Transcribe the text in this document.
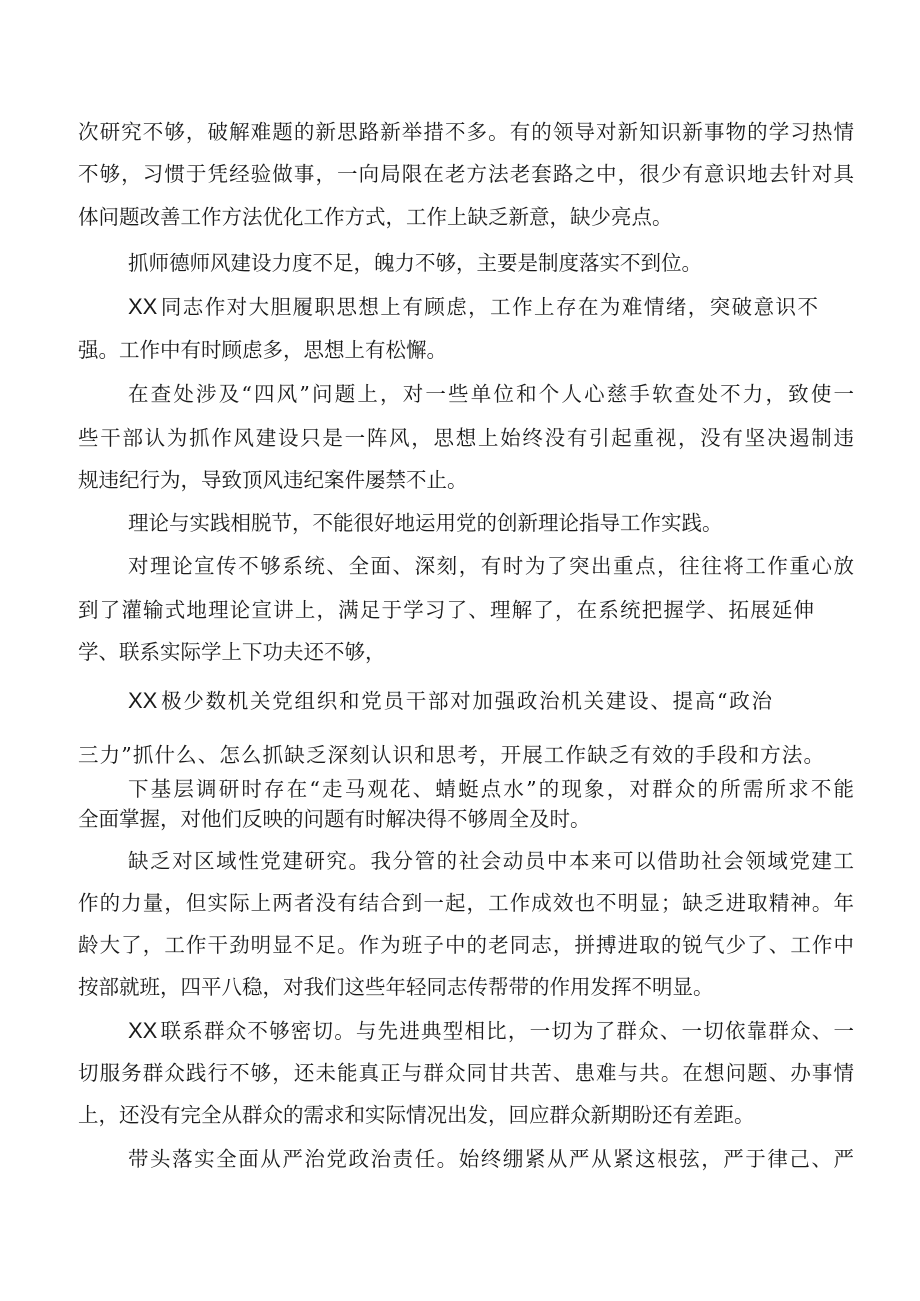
次研究不够，破解难题的新思路新举措不多。有的领导对新知识新事物的学习热情
不够，习惯于凭经验做事，一向局限在老方法老套路之中，很少有意识地去针对具
体问题改善工作方法优化工作方式，工作上缺乏新意，缺少亮点。
抓师德师风建设力度不足，魄力不够，主要是制度落实不到位。
XX同志作对大胆履职思想上有顾虑，工作上存在为难情绪，突破意识不
强。工作中有时顾虑多，思想上有松懈。
在查处涉及“四风”问题上，对一些单位和个人心慈手软查处不力，致使一
些干部认为抓作风建设只是一阵风，思想上始终没有引起重视，没有坚决遏制违
规违纪行为，导致顶风违纪案件屡禁不止。
理论与实践相脱节，不能很好地运用党的创新理论指导工作实践。
对理论宣传不够系统、全面、深刻，有时为了突出重点，往往将工作重心放
到了灌输式地理论宣讲上，满足于学习了、理解了，在系统把握学、拓展延伸
学、联系实际学上下功夫还不够，
XX极少数机关党组织和党员干部对加强政治机关建设、提高“政治
三力”抓什么、怎么抓缺乏深刻认识和思考，开展工作缺乏有效的手段和方法。
下基层调研时存在“走马观花、蜻蜓点水”的现象，对群众的所需所求不能
全面掌握，对他们反映的问题有时解决得不够周全及时。
缺乏对区域性党建研究。我分管的社会动员中本来可以借助社会领域党建工
作的力量，但实际上两者没有结合到一起，工作成效也不明显；缺乏进取精神。年
龄大了，工作干劲明显不足。作为班子中的老同志，拼搏进取的锐气少了、工作中
按部就班，四平八稳，对我们这些年轻同志传帮带的作用发挥不明显。
XX联系群众不够密切。与先进典型相比，一切为了群众、一切依靠群众、一
切服务群众践行不够，还未能真正与群众同甘共苦、患难与共。在想问题、办事情
上，还没有完全从群众的需求和实际情况出发，回应群众新期盼还有差距。
带头落实全面从严治党政治责任。始终绷紧从严从紧这根弦，严于律己、严
